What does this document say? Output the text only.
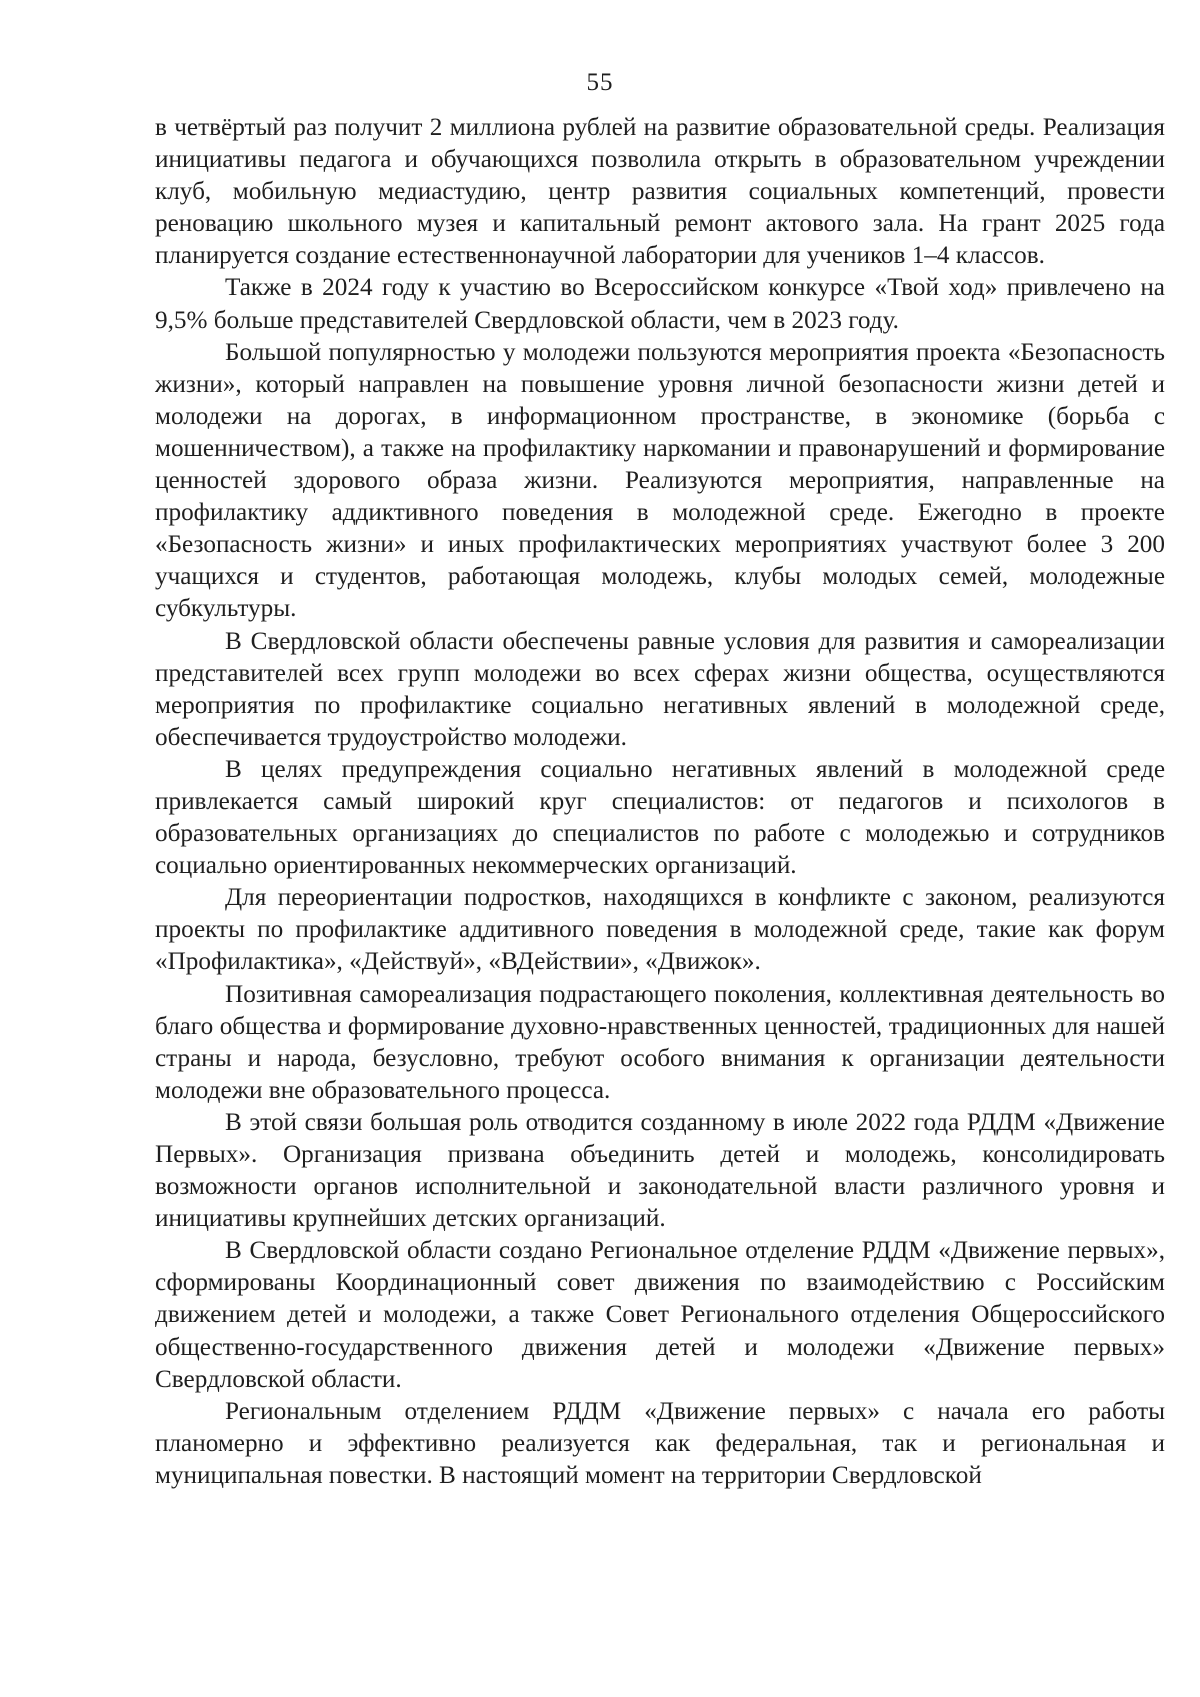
55

в четвёртый раз получит 2 миллиона рублей на развитие образовательной среды. Реализация инициативы педагога и обучающихся позволила открыть в образовательном учреждении клуб, мобильную медиастудию, центр развития социальных компетенций, провести реновацию школьного музея и капитальный ремонт актового зала. На грант 2025 года планируется создание естественнонаучной лаборатории для учеников 1–4 классов.

Также в 2024 году к участию во Всероссийском конкурсе «Твой ход» привлечено на 9,5% больше представителей Свердловской области, чем в 2023 году.

Большой популярностью у молодежи пользуются мероприятия проекта «Безопасность жизни», который направлен на повышение уровня личной безопасности жизни детей и молодежи на дорогах, в информационном пространстве, в экономике (борьба с мошенничеством), а также на профилактику наркомании и правонарушений и формирование ценностей здорового образа жизни. Реализуются мероприятия, направленные на профилактику аддиктивного поведения в молодежной среде. Ежегодно в проекте «Безопасность жизни» и иных профилактических мероприятиях участвуют более 3 200 учащихся и студентов, работающая молодежь, клубы молодых семей, молодежные субкультуры.

В Свердловской области обеспечены равные условия для развития и самореализации представителей всех групп молодежи во всех сферах жизни общества, осуществляются мероприятия по профилактике социально негативных явлений в молодежной среде, обеспечивается трудоустройство молодежи.

В целях предупреждения социально негативных явлений в молодежной среде привлекается самый широкий круг специалистов: от педагогов и психологов в образовательных организациях до специалистов по работе с молодежью и сотрудников социально ориентированных некоммерческих организаций.

Для переориентации подростков, находящихся в конфликте с законом, реализуются проекты по профилактике аддитивного поведения в молодежной среде, такие как форум «Профилактика», «Действуй», «ВДействии», «Движок».

Позитивная самореализация подрастающего поколения, коллективная деятельность во благо общества и формирование духовно-нравственных ценностей, традиционных для нашей страны и народа, безусловно, требуют особого внимания к организации деятельности молодежи вне образовательного процесса.

В этой связи большая роль отводится созданному в июле 2022 года РДДМ «Движение Первых». Организация призвана объединить детей и молодежь, консолидировать возможности органов исполнительной и законодательной власти различного уровня и инициативы крупнейших детских организаций.

В Свердловской области создано Региональное отделение РДДМ «Движение первых», сформированы Координационный совет движения по взаимодействию с Российским движением детей и молодежи, а также Совет Регионального отделения Общероссийского общественно-государственного движения детей и молодежи «Движение первых» Свердловской области.

Региональным отделением РДДМ «Движение первых» с начала его работы планомерно и эффективно реализуется как федеральная, так и региональная и муниципальная повестки. В настоящий момент на территории Свердловской
